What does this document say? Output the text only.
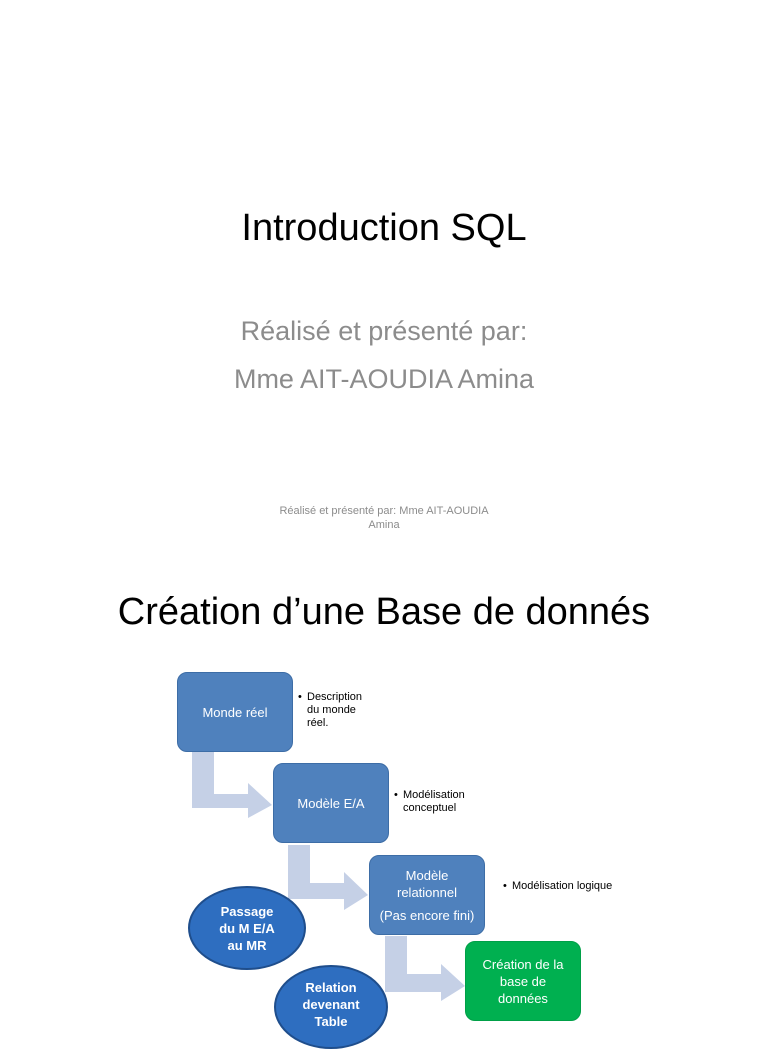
Introduction SQL
Réalisé et présenté par:
Mme AIT-AOUDIA Amina
Réalisé et présenté par: Mme AIT-AOUDIA
Amina
Création d’une Base de donnés
Monde réel
• Description
du monde
réel.
Modèle E/A
• Modélisation
conceptuel
Modèle
relationnel
(Pas encore fini)
• Modélisation logique
Création de la
base de
données
Passage
du M E/A
au MR
Relation
devenant
Table
